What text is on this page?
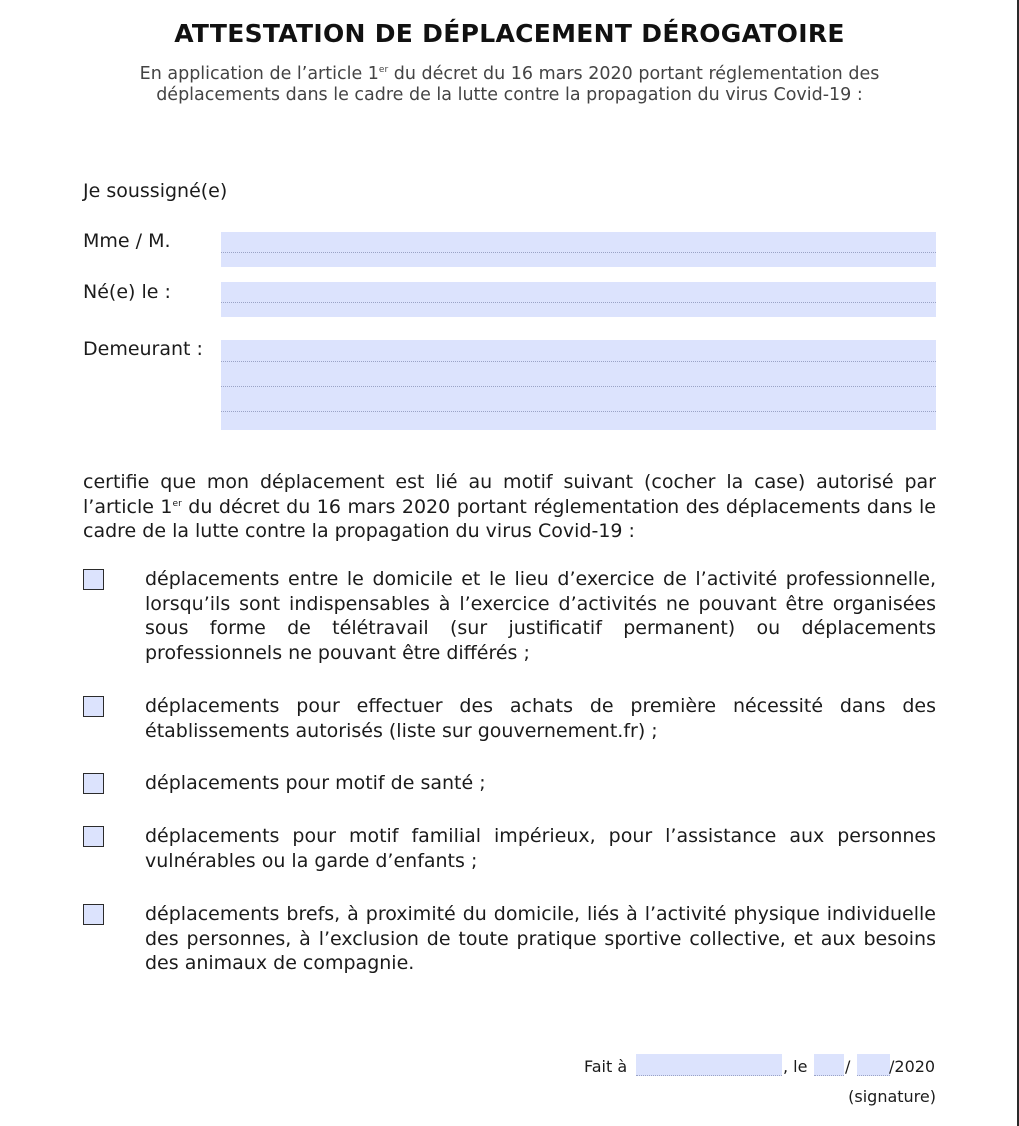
ATTESTATION DE DÉPLACEMENT DÉROGATOIRE
En application de l’article 1er du décret du 16 mars 2020 portant réglementation des
déplacements dans le cadre de la lutte contre la propagation du virus Covid-19 :
Je soussigné(e)
Mme / M.
Né(e) le :
Demeurant :
certifie que mon déplacement est lié au motif suivant (cocher la case) autorisé par l’article 1er du décret du 16 mars 2020 portant réglementation des déplacements dans le cadre de la lutte contre la propagation du virus Covid-19 :
déplacements entre le domicile et le lieu d’exercice de l’activité professionnelle, lorsqu’ils sont indispensables à l’exercice d’activités ne pouvant être organisées sous forme de télétravail (sur justificatif permanent) ou déplacements professionnels ne pouvant être différés ;
déplacements pour effectuer des achats de première nécessité dans des établissements autorisés (liste sur gouvernement.fr) ;
déplacements pour motif de santé ;
déplacements pour motif familial impérieux, pour l’assistance aux personnes vulnérables ou la garde d’enfants ;
déplacements brefs, à proximité du domicile, liés à l’activité physique individuelle des personnes, à l’exclusion de toute pratique sportive collective, et aux besoins des animaux de compagnie.
Fait à	, le / /2020
(signature)
